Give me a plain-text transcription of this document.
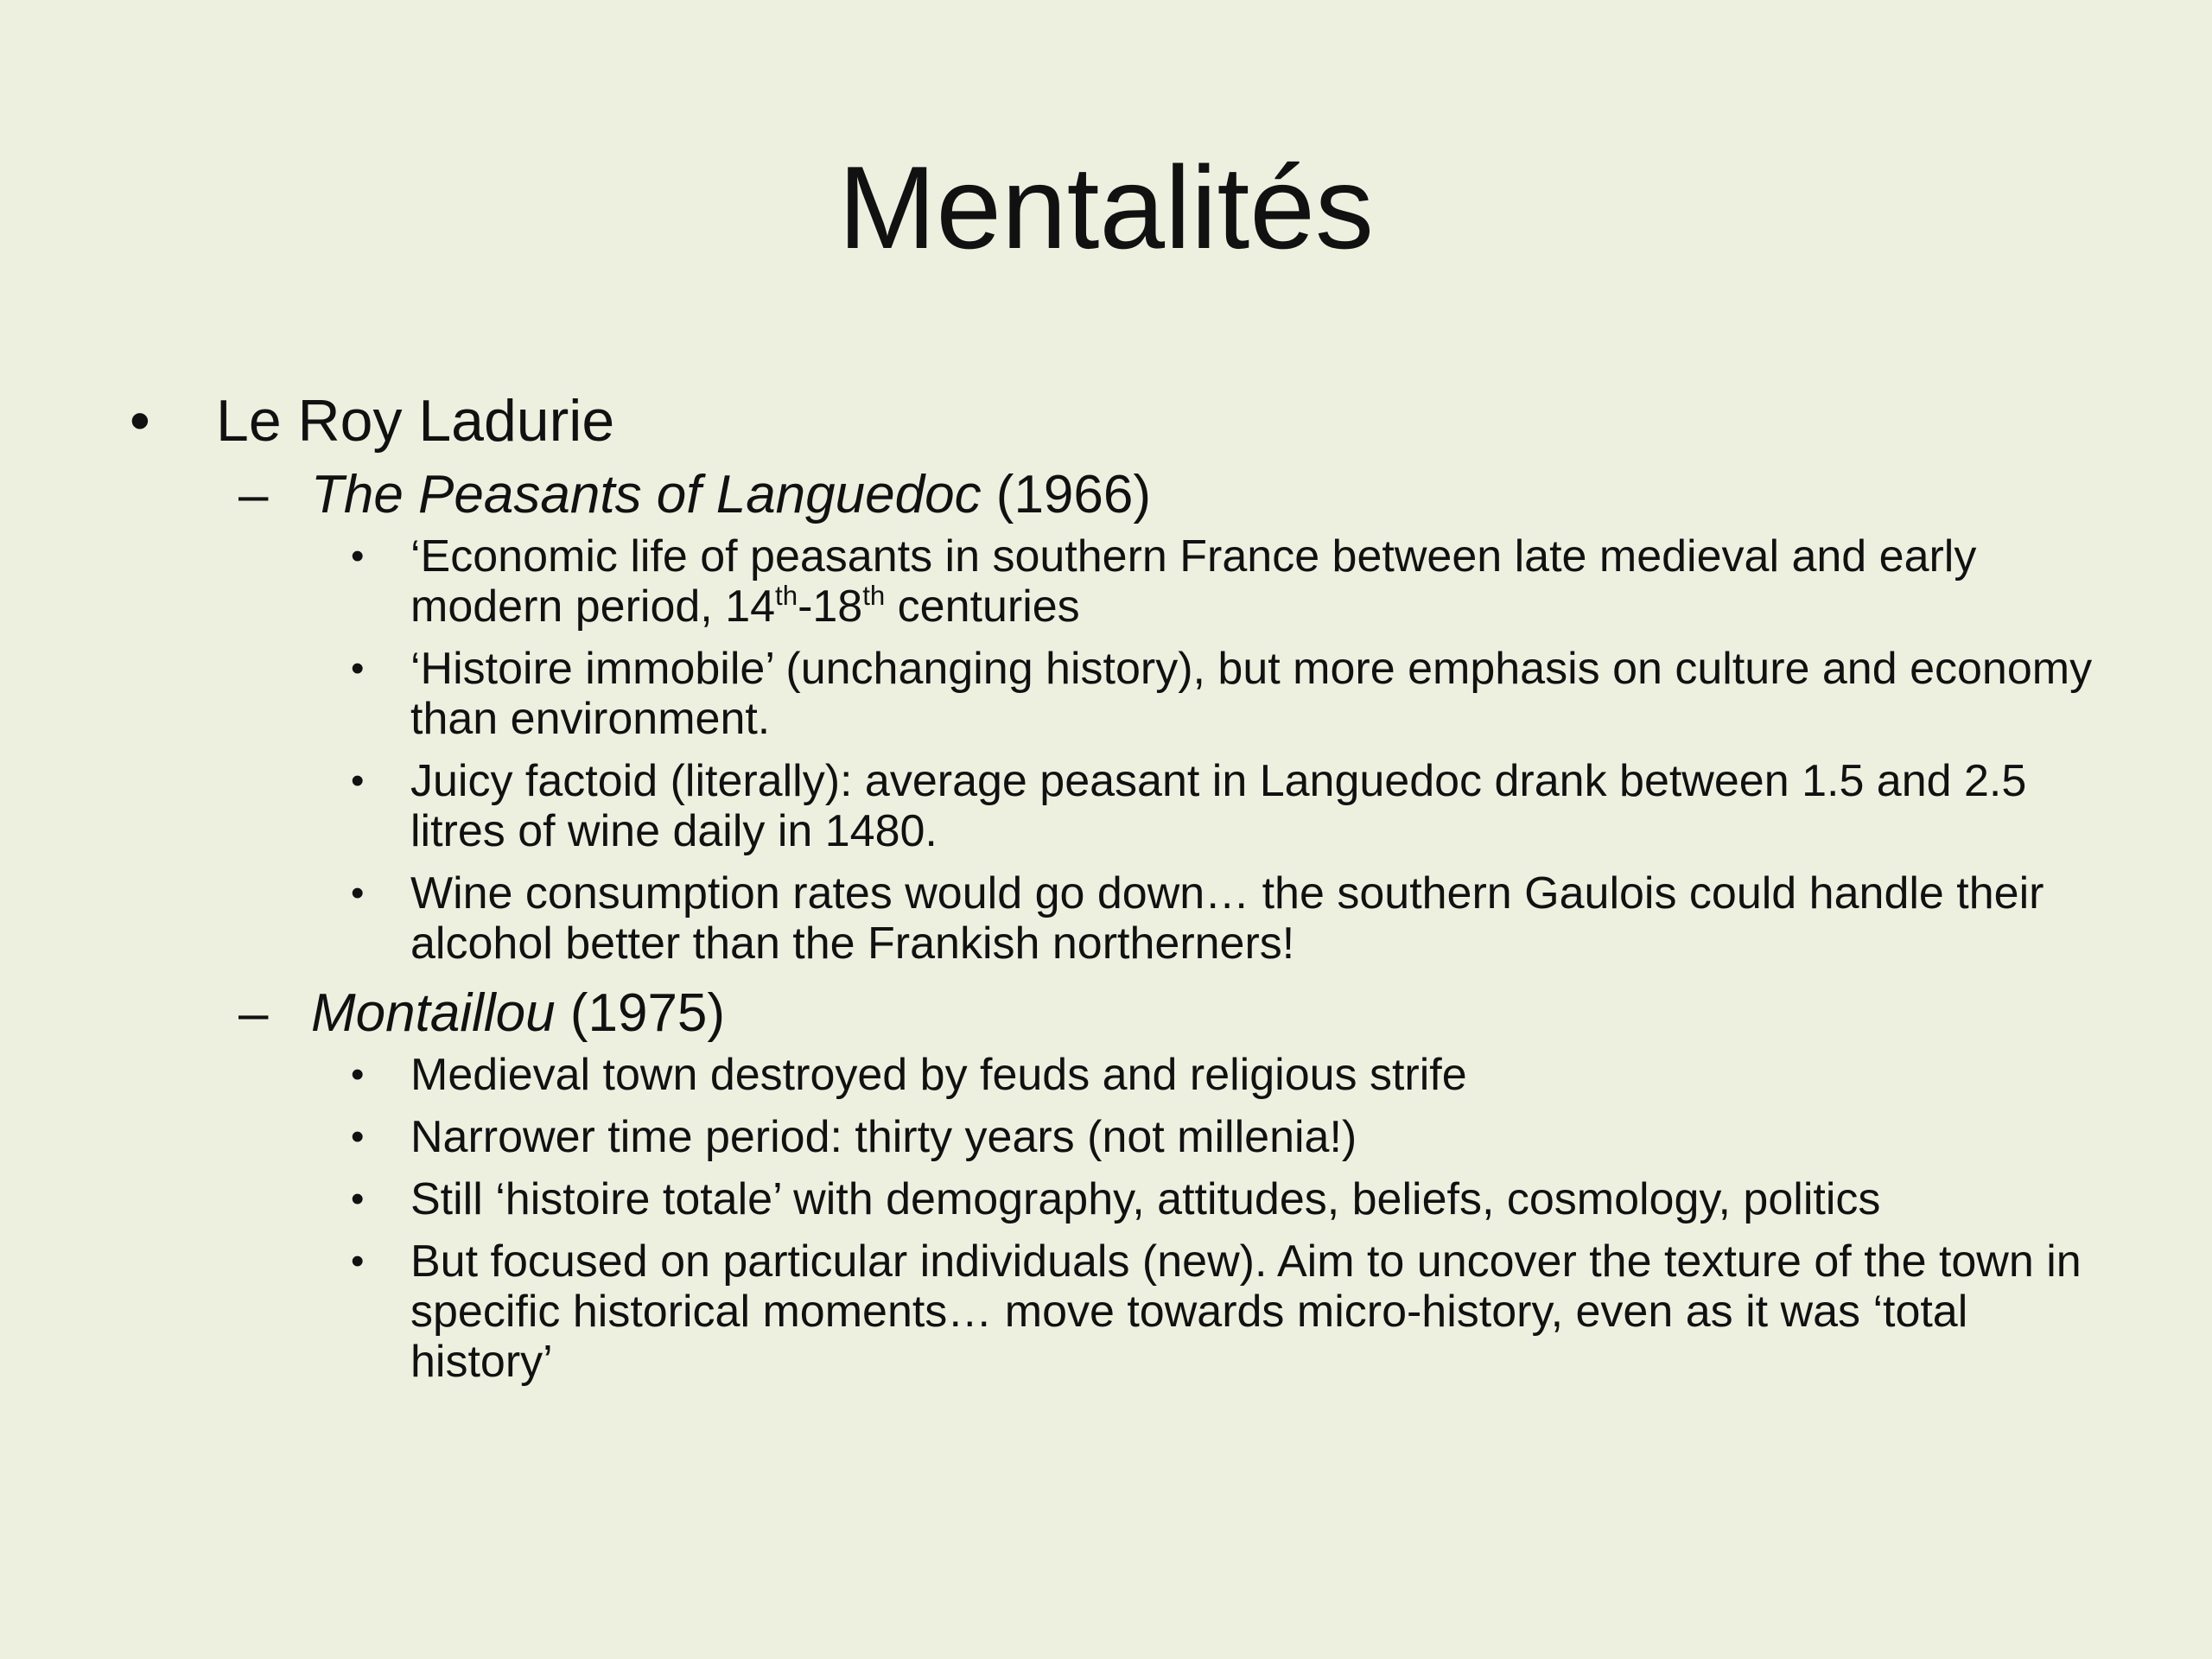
Mentalités
• Le Roy Ladurie
– The Peasants of Languedoc (1966)
• ‘Economic life of peasants in southern France between late medieval and early modern period, 14th-18th centuries
• ‘Histoire immobile’ (unchanging history), but more emphasis on culture and economy than environment.
• Juicy factoid (literally): average peasant in Languedoc drank between 1.5 and 2.5 litres of wine daily in 1480.
• Wine consumption rates would go down… the southern Gaulois could handle their alcohol better than the Frankish northerners!
– Montaillou (1975)
• Medieval town destroyed by feuds and religious strife
• Narrower time period: thirty years (not millenia!)
• Still ‘histoire totale’ with demography, attitudes, beliefs, cosmology, politics
• But focused on particular individuals (new). Aim to uncover the texture of the town in specific historical moments… move towards micro-history, even as it was ‘total history’
